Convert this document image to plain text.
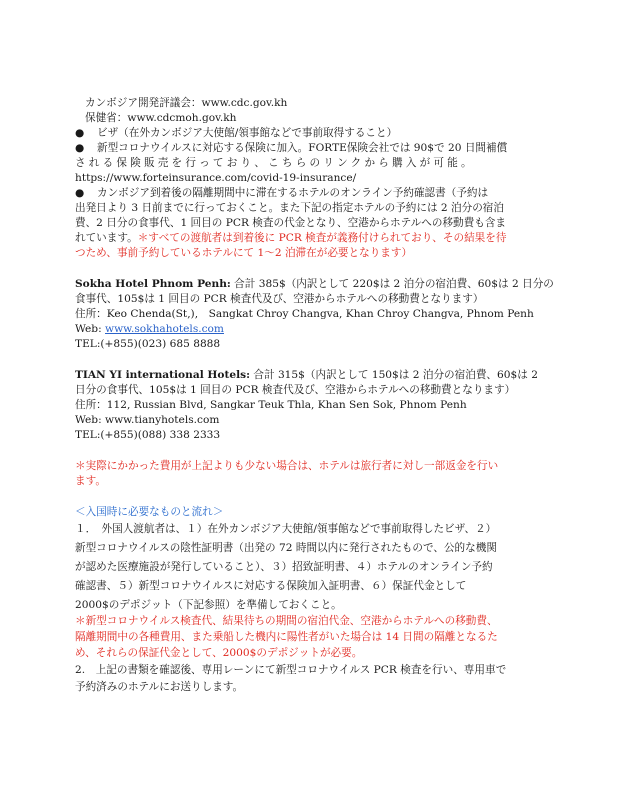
カンボジア開発評議会：www.cdc.gov.kh
保健省：www.cdcmoh.gov.kh
● ビザ（在外カンボジア大使館/領事館などで事前取得すること）
● 新型コロナウイルスに対応する保険に加入。FORTE保険会社では 90$で 20 日間補償
される保険販売を行っており、こちらのリンクから購入が可能。
https://www.forteinsurance.com/covid-19-insurance/
● カンボジア到着後の隔離期間中に滞在するホテルのオンライン予約確認書（予約は
出発日より 3 日前までに行っておくこと。また下記の指定ホテルの予約には 2 泊分の宿泊
費、2 日分の食事代、1 回目の PCR 検査の代金となり、空港からホテルへの移動費も含ま
れています。＊すべての渡航者は到着後に PCR 検査が義務付けられており、その結果を待
つため、事前予約しているホテルにて 1～2 泊滞在が必要となります）
Sokha Hotel Phnom Penh: 合計 385$（内訳として 220$は 2 泊分の宿泊費、60$は 2 日分の
食事代、105$は 1 回目の PCR 検査代及び、空港からホテルへの移動費となります）
住所：Keo Chenda(St,),　Sangkat Chroy Changva, Khan Chroy Changva, Phnom Penh
Web: www.sokhahotels.com
TEL:(+855)(023) 685 8888
TIAN YI international Hotels: 合計 315$（内訳として 150$は 2 泊分の宿泊費、60$は 2
日分の食事代、105$は 1 回目の PCR 検査代及び、空港からホテルへの移動費となります）
住所：112, Russian Blvd, Sangkar Teuk Thla, Khan Sen Sok, Phnom Penh
Web: www.tianyhotels.com
TEL:(+855)(088) 338 2333
＊実際にかかった費用が上記よりも少ない場合は、ホテルは旅行者に対し一部返金を行い
ます。
＜入国時に必要なものと流れ＞
１．　外国人渡航者は、１）在外カンボジア大使館/領事館などで事前取得したビザ、２）
新型コロナウイルスの陰性証明書（出発の 72 時間以内に発行されたもので、公的な機関
が認めた医療施設が発行していること）、３）招致証明書、４）ホテルのオンライン予約
確認書、５）新型コロナウイルスに対応する保険加入証明書、６）保証代金として
2000$のデポジット（下記参照）を準備しておくこと。
＊新型コロナウイルス検査代、結果待ちの期間の宿泊代金、空港からホテルへの移動費、
隔離期間中の各種費用、また乗船した機内に陽性者がいた場合は 14 日間の隔離となるた
め、それらの保証代金として、2000$のデポジットが必要。
2.　上記の書類を確認後、専用レーンにて新型コロナウイルス PCR 検査を行い、専用車で
予約済みのホテルにお送りします。
